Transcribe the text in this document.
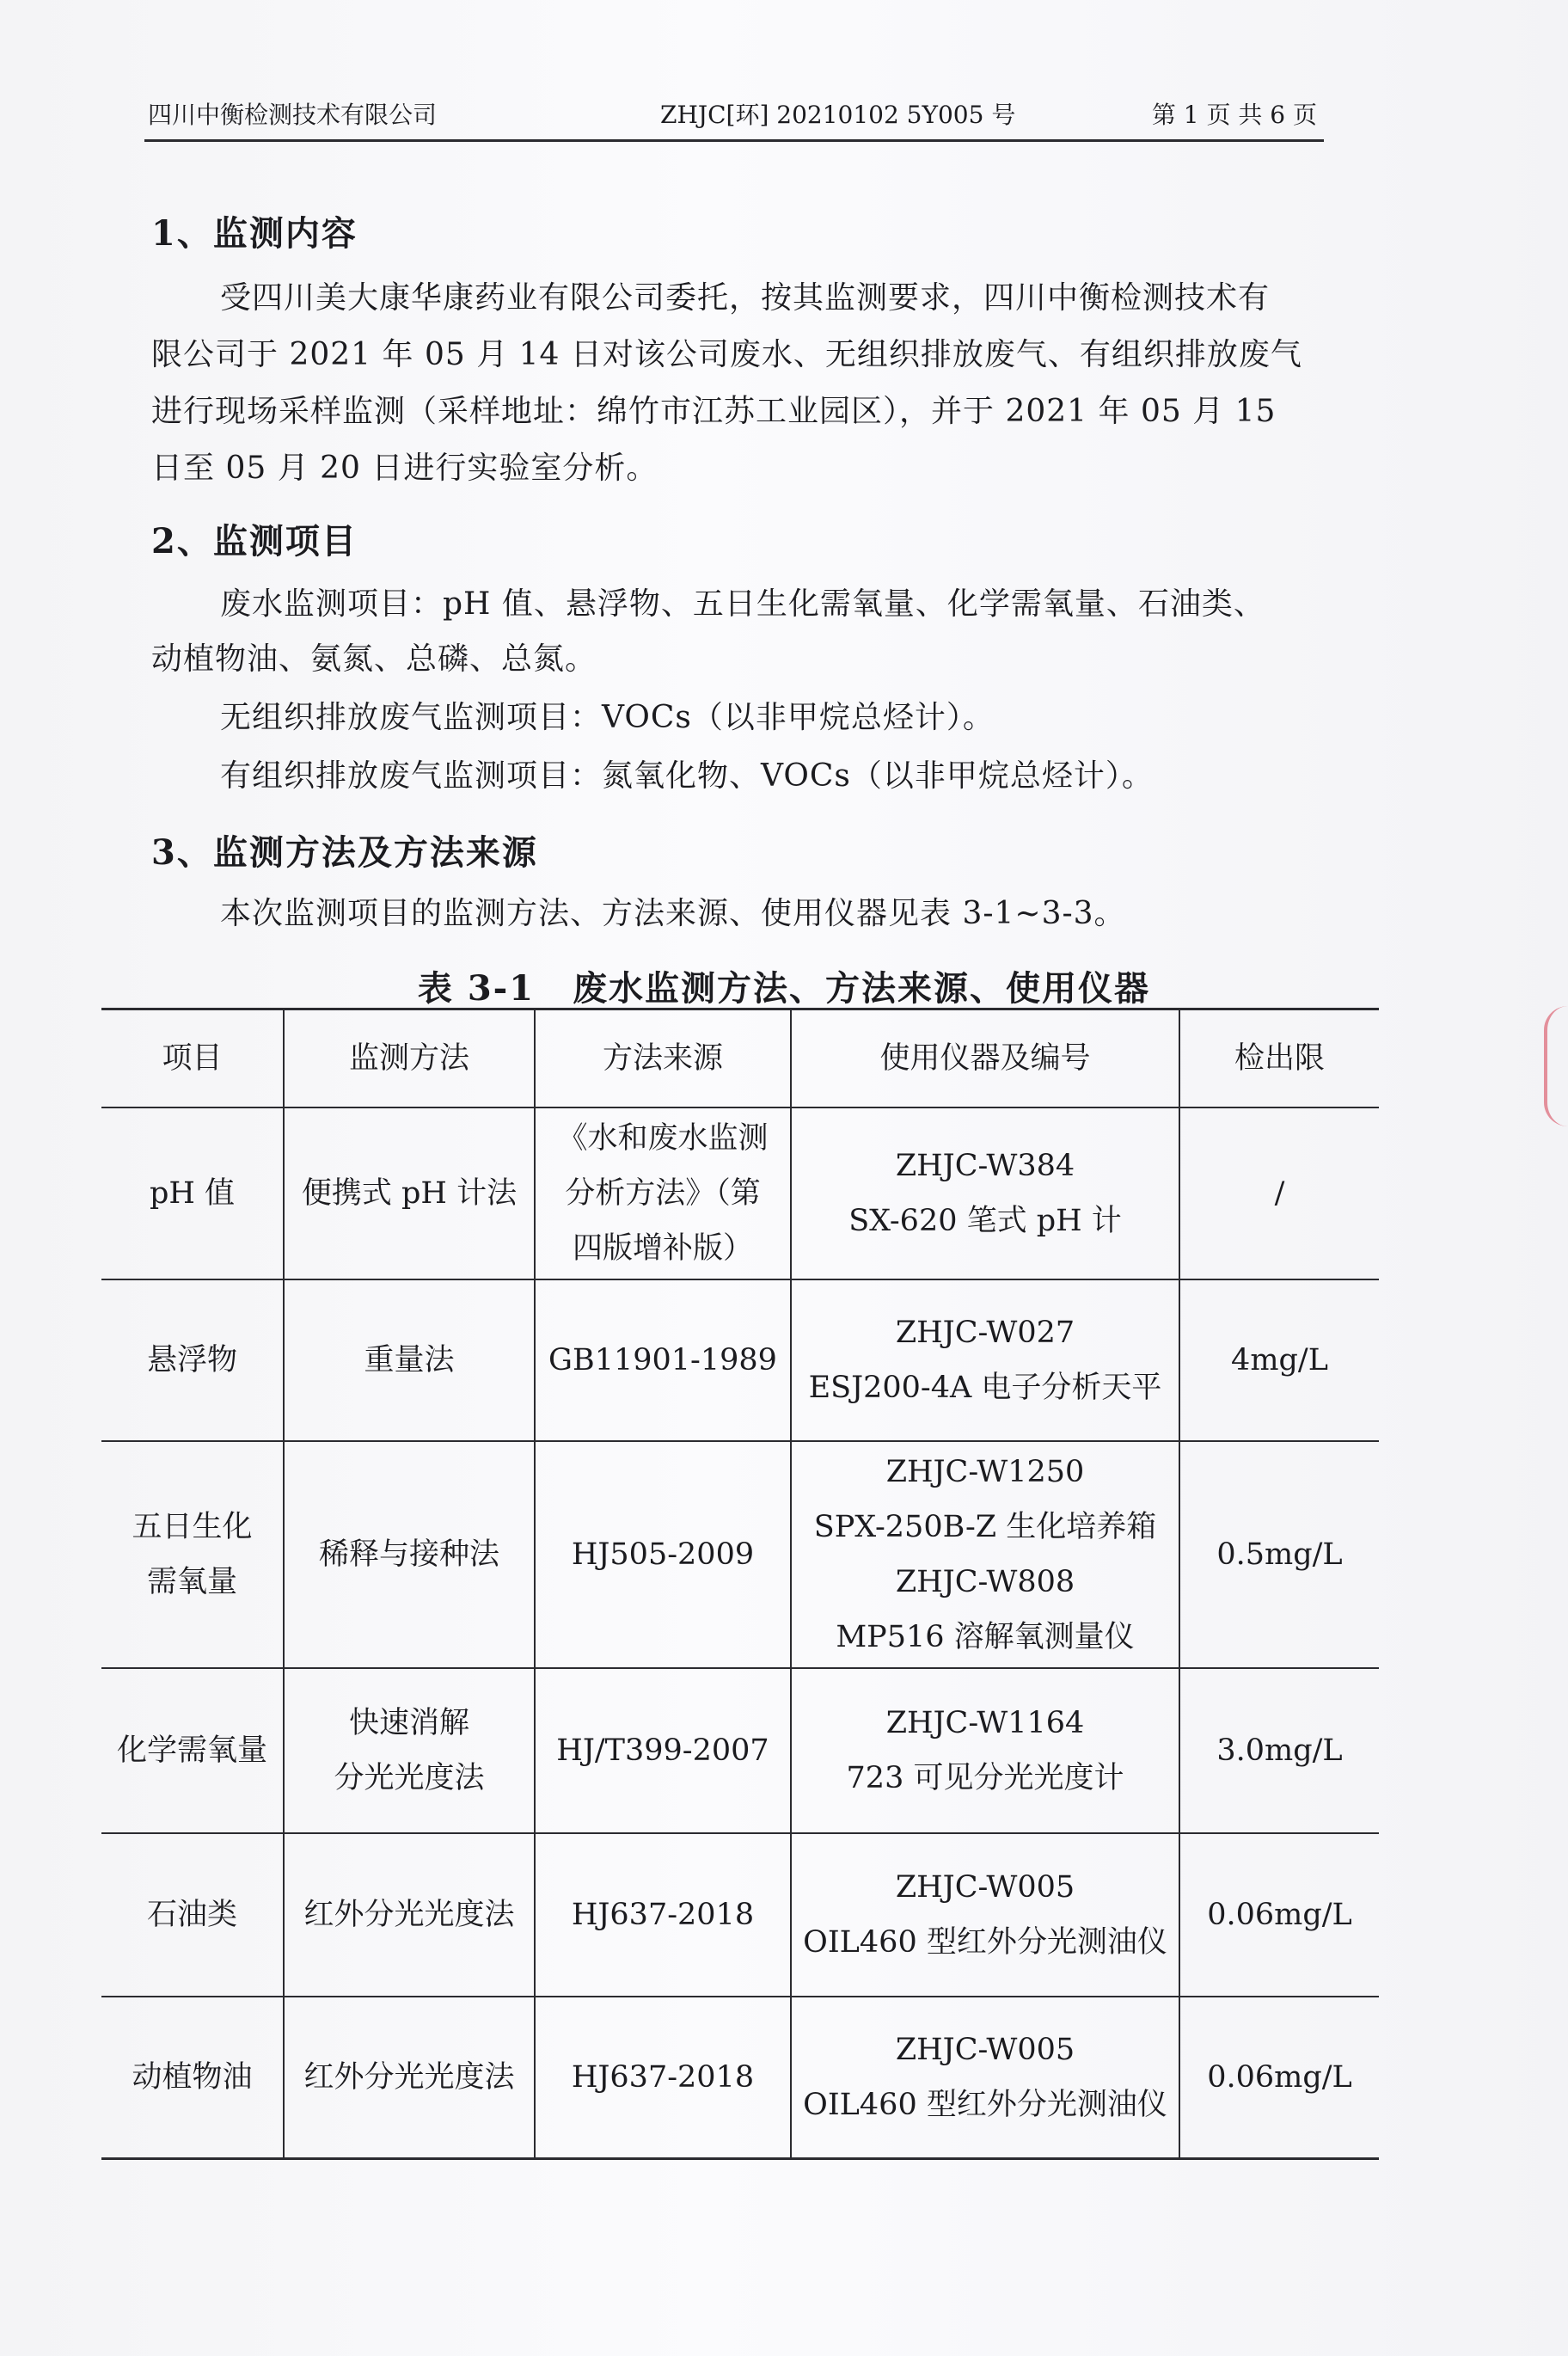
四川中衡检测技术有限公司	ZHJC[环] 20210102 5Y005 号	第 1 页 共 6 页
1、监测内容
受四川美大康华康药业有限公司委托，按其监测要求，四川中衡检测技术有
限公司于 2021 年 05 月 14 日对该公司废水、无组织排放废气、有组织排放废气
进行现场采样监测（采样地址：绵竹市江苏工业园区），并于 2021 年 05 月 15
日至 05 月 20 日进行实验室分析。
2、监测项目
废水监测项目：pH 值、悬浮物、五日生化需氧量、化学需氧量、石油类、
动植物油、氨氮、总磷、总氮。
无组织排放废气监测项目：VOCs（以非甲烷总烃计）。
有组织排放废气监测项目：氮氧化物、VOCs（以非甲烷总烃计）。
3、监测方法及方法来源
本次监测项目的监测方法、方法来源、使用仪器见表 3-1~3-3。
表 3-1 废水监测方法、方法来源、使用仪器
项目	监测方法	方法来源	使用仪器及编号	检出限

pH 值	便携式 pH 计法	《水和废水监测
分析方法》（第
四版增补版）	ZHJC-W384
SX-620 笔式 pH 计	/

悬浮物	重量法	GB11901-1989	ZHJC-W027
ESJ200-4A 电子分析天平	4mg/L

五日生化
需氧量	稀释与接种法	HJ505-2009	ZHJC-W1250
SPX-250B-Z 生化培养箱
ZHJC-W808
MP516 溶解氧测量仪	0.5mg/L

化学需氧量	快速消解
分光光度法	HJ/T399-2007	ZHJC-W1164
723 可见分光光度计	3.0mg/L

石油类	红外分光光度法	HJ637-2018	ZHJC-W005
OIL460 型红外分光测油仪	0.06mg/L

动植物油	红外分光光度法	HJ637-2018	ZHJC-W005
OIL460 型红外分光测油仪	0.06mg/L
